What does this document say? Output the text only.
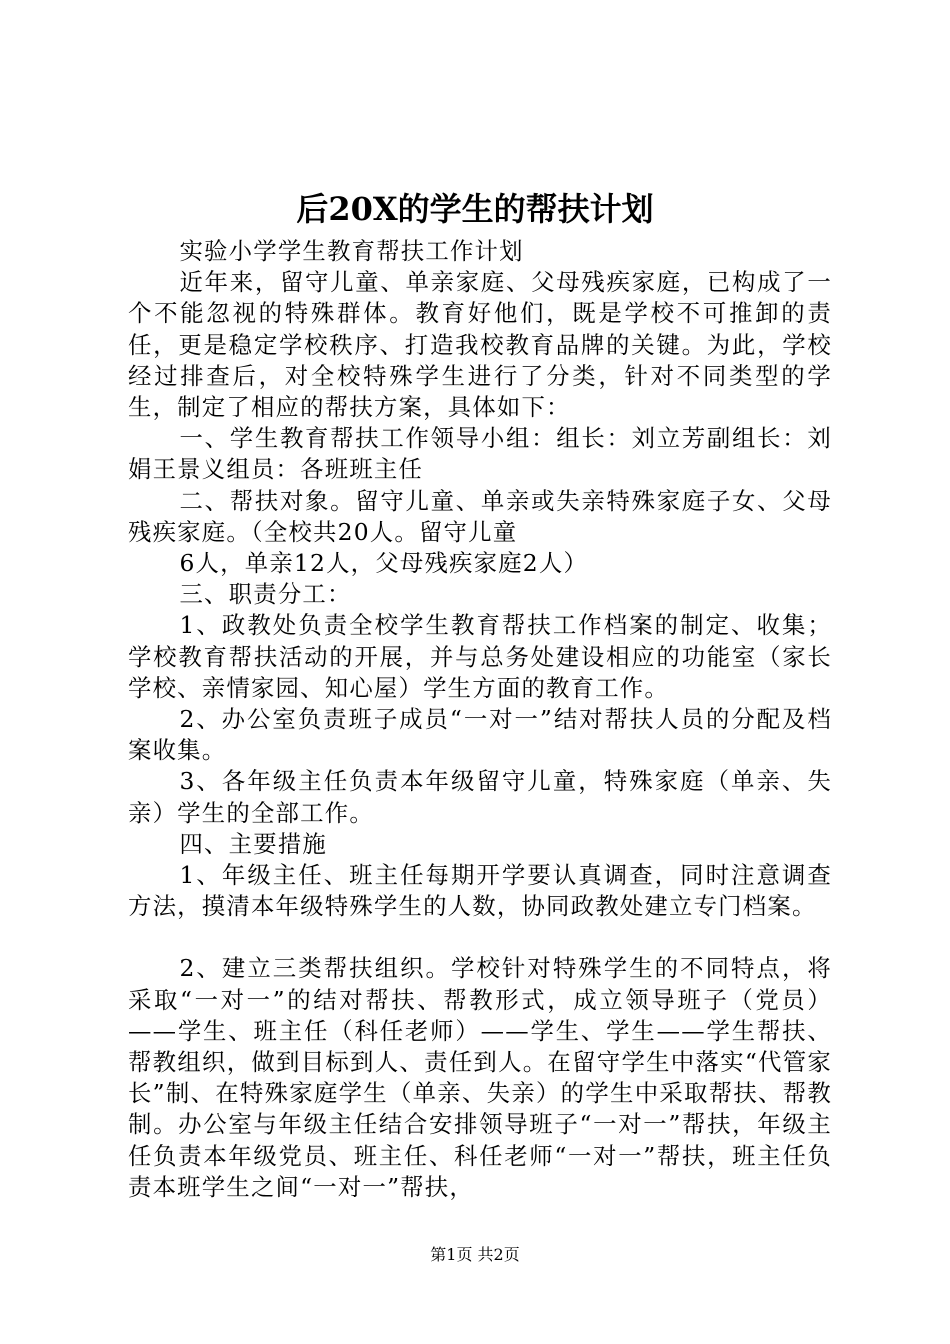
后20X的学生的帮扶计划

实验小学学生教育帮扶工作计划

近年来，留守儿童、单亲家庭、父母残疾家庭，已构成了一个不能忽视的特殊群体。教育好他们，既是学校不可推卸的责任，更是稳定学校秩序、打造我校教育品牌的关键。为此，学校经过排查后，对全校特殊学生进行了分类，针对不同类型的学生，制定了相应的帮扶方案，具体如下：

一、学生教育帮扶工作领导小组：组长：刘立芳副组长：刘娟王景义组员：各班班主任

二、帮扶对象。留守儿童、单亲或失亲特殊家庭子女、父母残疾家庭。（全校共20人。留守儿童

6人，单亲12人，父母残疾家庭2人）

三、职责分工：

1、政教处负责全校学生教育帮扶工作档案的制定、收集；学校教育帮扶活动的开展，并与总务处建设相应的功能室（家长学校、亲情家园、知心屋）学生方面的教育工作。

2、办公室负责班子成员“一对一”结对帮扶人员的分配及档案收集。

3、各年级主任负责本年级留守儿童，特殊家庭（单亲、失亲）学生的全部工作。

四、主要措施

1、年级主任、班主任每期开学要认真调查，同时注意调查方法，摸清本年级特殊学生的人数，协同政教处建立专门档案。

2、建立三类帮扶组织。学校针对特殊学生的不同特点，将采取“一对一”的结对帮扶、帮教形式，成立领导班子（党员）——学生、班主任（科任老师）——学生、学生——学生帮扶、帮教组织，做到目标到人、责任到人。在留守学生中落实“代管家长”制、在特殊家庭学生（单亲、失亲）的学生中采取帮扶、帮教制。办公室与年级主任结合安排领导班子“一对一”帮扶，年级主任负责本年级党员、班主任、科任老师“一对一”帮扶，班主任负责本班学生之间“一对一”帮扶，

第1页 共2页
